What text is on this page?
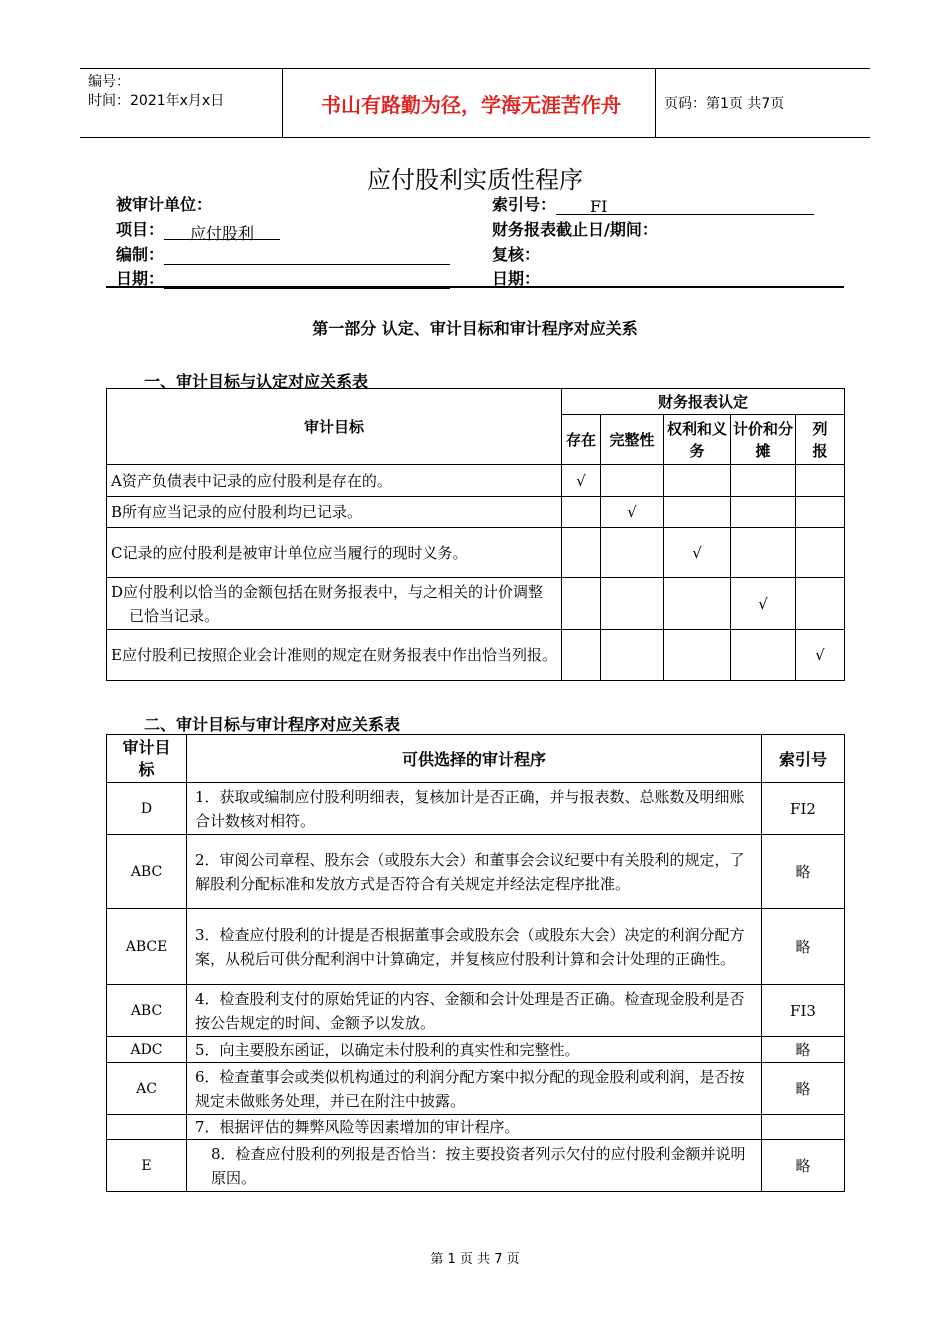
编号：
时间：2021年x月x日	书山有路勤为径，学海无涯苦作舟	页码：第1页 共7页
应付股利实质性程序
被审计单位：	索引号： FI
项目： 应付股利	财务报表截止日/期间：
编制：	复核：
日期：	日期：
第一部分 认定、审计目标和审计程序对应关系
一、审计目标与认定对应关系表
审计目标	财务报表认定				
	存在	完整性	权利和义务	计价和分摊	列报
A资产负债表中记录的应付股利是存在的。	√				
B所有应当记录的应付股利均已记录。		√			
C记录的应付股利是被审计单位应当履行的现时义务。			√		
D应付股利以恰当的金额包括在财务报表中，与之相关的计价调整已恰当记录。				√	
E应付股利已按照企业会计准则的规定在财务报表中作出恰当列报。					√
二、审计目标与审计程序对应关系表
审计目标	可供选择的审计程序	索引号
D	1．获取或编制应付股利明细表，复核加计是否正确，并与报表数、总账数及明细账合计数核对相符。	FI2
ABC	2．审阅公司章程、股东会（或股东大会）和董事会会议纪要中有关股利的规定，了解股利分配标准和发放方式是否符合有关规定并经法定程序批准。	略
ABCE	3．检查应付股利的计提是否根据董事会或股东会（或股东大会）决定的利润分配方案，从税后可供分配利润中计算确定，并复核应付股利计算和会计处理的正确性。	略
ABC	4．检查股利支付的原始凭证的内容、金额和会计处理是否正确。检查现金股利是否按公告规定的时间、金额予以发放。	FI3
ADC	5．向主要股东函证，以确定未付股利的真实性和完整性。	略
AC	6．检查董事会或类似机构通过的利润分配方案中拟分配的现金股利或利润，是否按规定未做账务处理，并已在附注中披露。	略
	7．根据评估的舞弊风险等因素增加的审计程序。	
E	8．检查应付股利的列报是否恰当：按主要投资者列示欠付的应付股利金额并说明原因。	略
第 1 页 共 7 页
